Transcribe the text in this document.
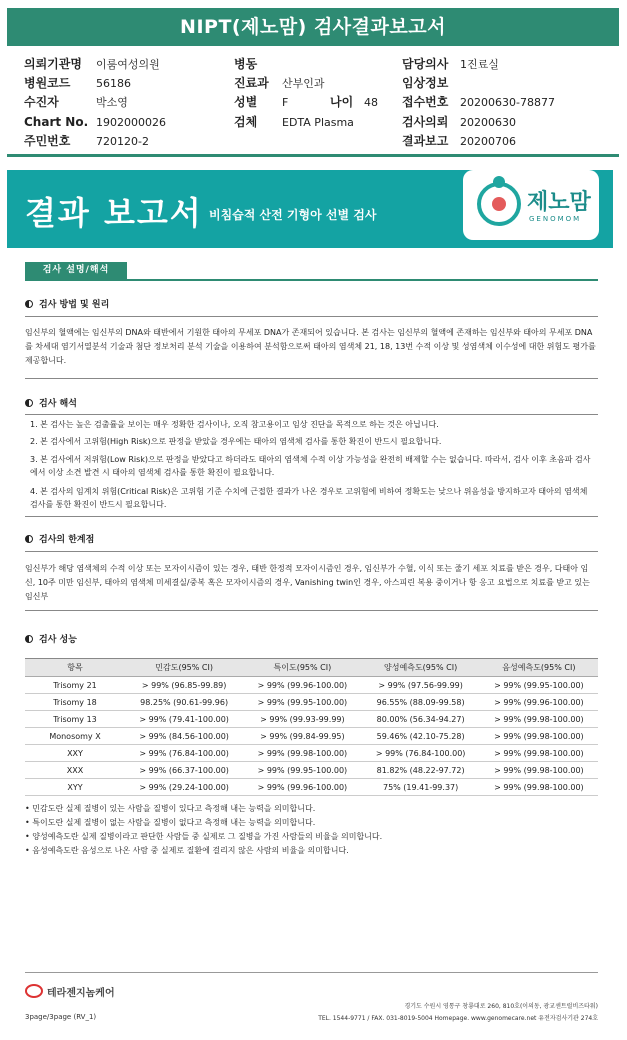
NIPT(제노맘) 검사결과보고서
의뢰기관명 이룸여성의원
병원코드 56186
수진자	박소영
Chart No. 1902000026
주민번호 720120-2
병동
진료과 산부인과
성별 F	나이 48
검체 EDTA Plasma
담당의사 1진료실
임상정보
접수번호 20200630-78877
검사의뢰 20200630
결과보고 20200706
결과 보고서 비침습적 산전 기형아 선별 검사	제노맘
GENOMOM
검사 설명/해석
검사 방법 및 원리
임신부의 혈액에는 임신부의 DNA와 태반에서 기원한 태아의 무세포 DNA가 존재되어 있습니다. 본 검사는 임신부의 혈액에 존재하는 임신부와 태아의 무세포 DNA를 차세대 염기서열분석 기술과 첨단 정보처리 분석 기술을 이용하여 분석함으로써 태아의 염색체 21, 18, 13번 수적 이상 및 성염색체 이수성에 대한 위험도 평가를 제공합니다.
검사 해석
1. 본 검사는 높은 검출률을 보이는 매우 정확한 검사이나, 오직 참고용이고 임상 진단을 목적으로 하는 것은 아닙니다.
2. 본 검사에서 고위험(High Risk)으로 판정을 받았을 경우에는 태아의 염색체 검사를 통한 확진이 반드시 필요합니다.
3. 본 검사에서 저위험(Low Risk)으로 판정을 받았다고 하더라도 태아의 염색체 수적 이상 가능성을 완전히 배제할 수는 없습니다. 따라서, 검사 이후 초음파 검사에서 이상 소견 발견 시 태아의 염색체 검사를 통한 확진이 필요합니다.
4. 본 검사의 임계치 위험(Critical Risk)은 고위험 기준 수치에 근접한 결과가 나온 경우로 고위험에 비하여 정확도는 낮으나 위음성을 방지하고자 태아의 염색체 검사를 통한 확진이 반드시 필요합니다.
검사의 한계점
임신부가 해당 염색체의 수적 이상 또는 모자이시즘이 있는 경우, 태반 한정적 모자이시즘인 경우, 임신부가 수혈, 이식 또는 줄기 세포 치료를 받은 경우, 다태아 임신, 10주 미만 임신부, 태아의 염색체 미세결실/중복 혹은 모자이시즘의 경우, Vanishing twin인 경우, 아스피린 복용 중이거나 항 응고 요법으로 치료를 받고 있는 임신부
검사 성능
항목	민감도(95% CI)	특이도(95% CI)	양성예측도(95% CI)	음성예측도(95% CI)
Trisomy 21	> 99% (96.85-99.89)	> 99% (99.96-100.00)	> 99% (97.56-99.99)	> 99% (99.95-100.00)
Trisomy 18	98.25% (90.61-99.96)	> 99% (99.95-100.00)	96.55% (88.09-99.58)	> 99% (99.96-100.00)
Trisomy 13	> 99% (79.41-100.00)	> 99% (99.93-99.99)	80.00% (56.34-94.27)	> 99% (99.98-100.00)
Monosomy X	> 99% (84.56-100.00)	> 99% (99.84-99.95)	59.46% (42.10-75.28)	> 99% (99.98-100.00)
XXY	> 99% (76.84-100.00)	> 99% (99.98-100.00)	> 99% (76.84-100.00)	> 99% (99.98-100.00)
XXX	> 99% (66.37-100.00)	> 99% (99.95-100.00)	81.82% (48.22-97.72)	> 99% (99.98-100.00)
XYY	> 99% (29.24-100.00)	> 99% (99.96-100.00)	75% (19.41-99.37)	> 99% (99.98-100.00)
• 민감도란 실제 질병이 있는 사람을 질병이 있다고 측정해 내는 능력을 의미합니다.
• 특이도란 실제 질병이 없는 사람을 질병이 없다고 측정해 내는 능력을 의미합니다.
• 양성예측도란 실제 질병이라고 판단한 사람들 중 실제로 그 질병을 가진 사람들의 비율을 의미합니다.
• 음성예측도란 음성으로 나온 사람 중 실제로 질환에 걸리지 않은 사람의 비율을 의미합니다.
테라젠지놈케어
3page/3page (RV_1)
경기도 수원시 영통구 창룡대로 260, 810호(이의동, 광교센트럴비즈타워)
TEL. 1544-9771 / FAX. 031-8019-5004 Homepage. www.genomecare.net 유전자검사기관 274호
